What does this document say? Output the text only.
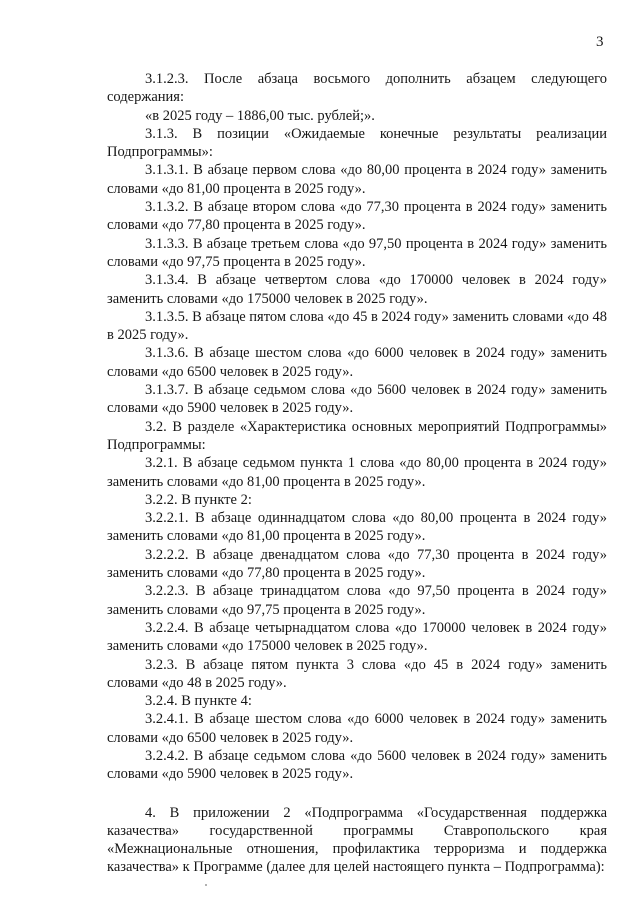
3

3.1.2.3. После абзаца восьмого дополнить абзацем следующего содержания:

«в 2025 году – 1886,00 тыс. рублей;».

3.1.3. В позиции «Ожидаемые конечные результаты реализации Подпрограммы»:

3.1.3.1. В абзаце первом слова «до 80,00 процента в 2024 году» заменить словами «до 81,00 процента в 2025 году».

3.1.3.2. В абзаце втором слова «до 77,30 процента в 2024 году» заменить словами «до 77,80 процента в 2025 году».

3.1.3.3. В абзаце третьем слова «до 97,50 процента в 2024 году» заменить словами «до 97,75 процента в 2025 году».

3.1.3.4. В абзаце четвертом слова «до 170000 человек в 2024 году» заменить словами «до 175000 человек в 2025 году».

3.1.3.5. В абзаце пятом слова «до 45 в 2024 году» заменить словами «до 48 в 2025 году».

3.1.3.6. В абзаце шестом слова «до 6000 человек в 2024 году» заменить словами «до 6500 человек в 2025 году».

3.1.3.7. В абзаце седьмом слова «до 5600 человек в 2024 году» заменить словами «до 5900 человек в 2025 году».

3.2. В разделе «Характеристика основных мероприятий Подпрограммы» Подпрограммы:

3.2.1. В абзаце седьмом пункта 1 слова «до 80,00 процента в 2024 году» заменить словами «до 81,00 процента в 2025 году».

3.2.2. В пункте 2:

3.2.2.1. В абзаце одиннадцатом слова «до 80,00 процента в 2024 году» заменить словами «до 81,00 процента в 2025 году».

3.2.2.2. В абзаце двенадцатом слова «до 77,30 процента в 2024 году» заменить словами «до 77,80 процента в 2025 году».

3.2.2.3. В абзаце тринадцатом слова «до 97,50 процента в 2024 году» заменить словами «до 97,75 процента в 2025 году».

3.2.2.4. В абзаце четырнадцатом слова «до 170000 человек в 2024 году» заменить словами «до 175000 человек в 2025 году».

3.2.3. В абзаце пятом пункта 3 слова «до 45 в 2024 году» заменить словами «до 48 в 2025 году».

3.2.4. В пункте 4:

3.2.4.1. В абзаце шестом слова «до 6000 человек в 2024 году» заменить словами «до 6500 человек в 2025 году».

3.2.4.2. В абзаце седьмом слова «до 5600 человек в 2024 году» заменить словами «до 5900 человек в 2025 году».

4. В приложении 2 «Подпрограмма «Государственная поддержка казачества» государственной программы Ставропольского края «Межнациональные отношения, профилактика терроризма и поддержка казачества» к Программе (далее для целей настоящего пункта – Подпрограмма):
